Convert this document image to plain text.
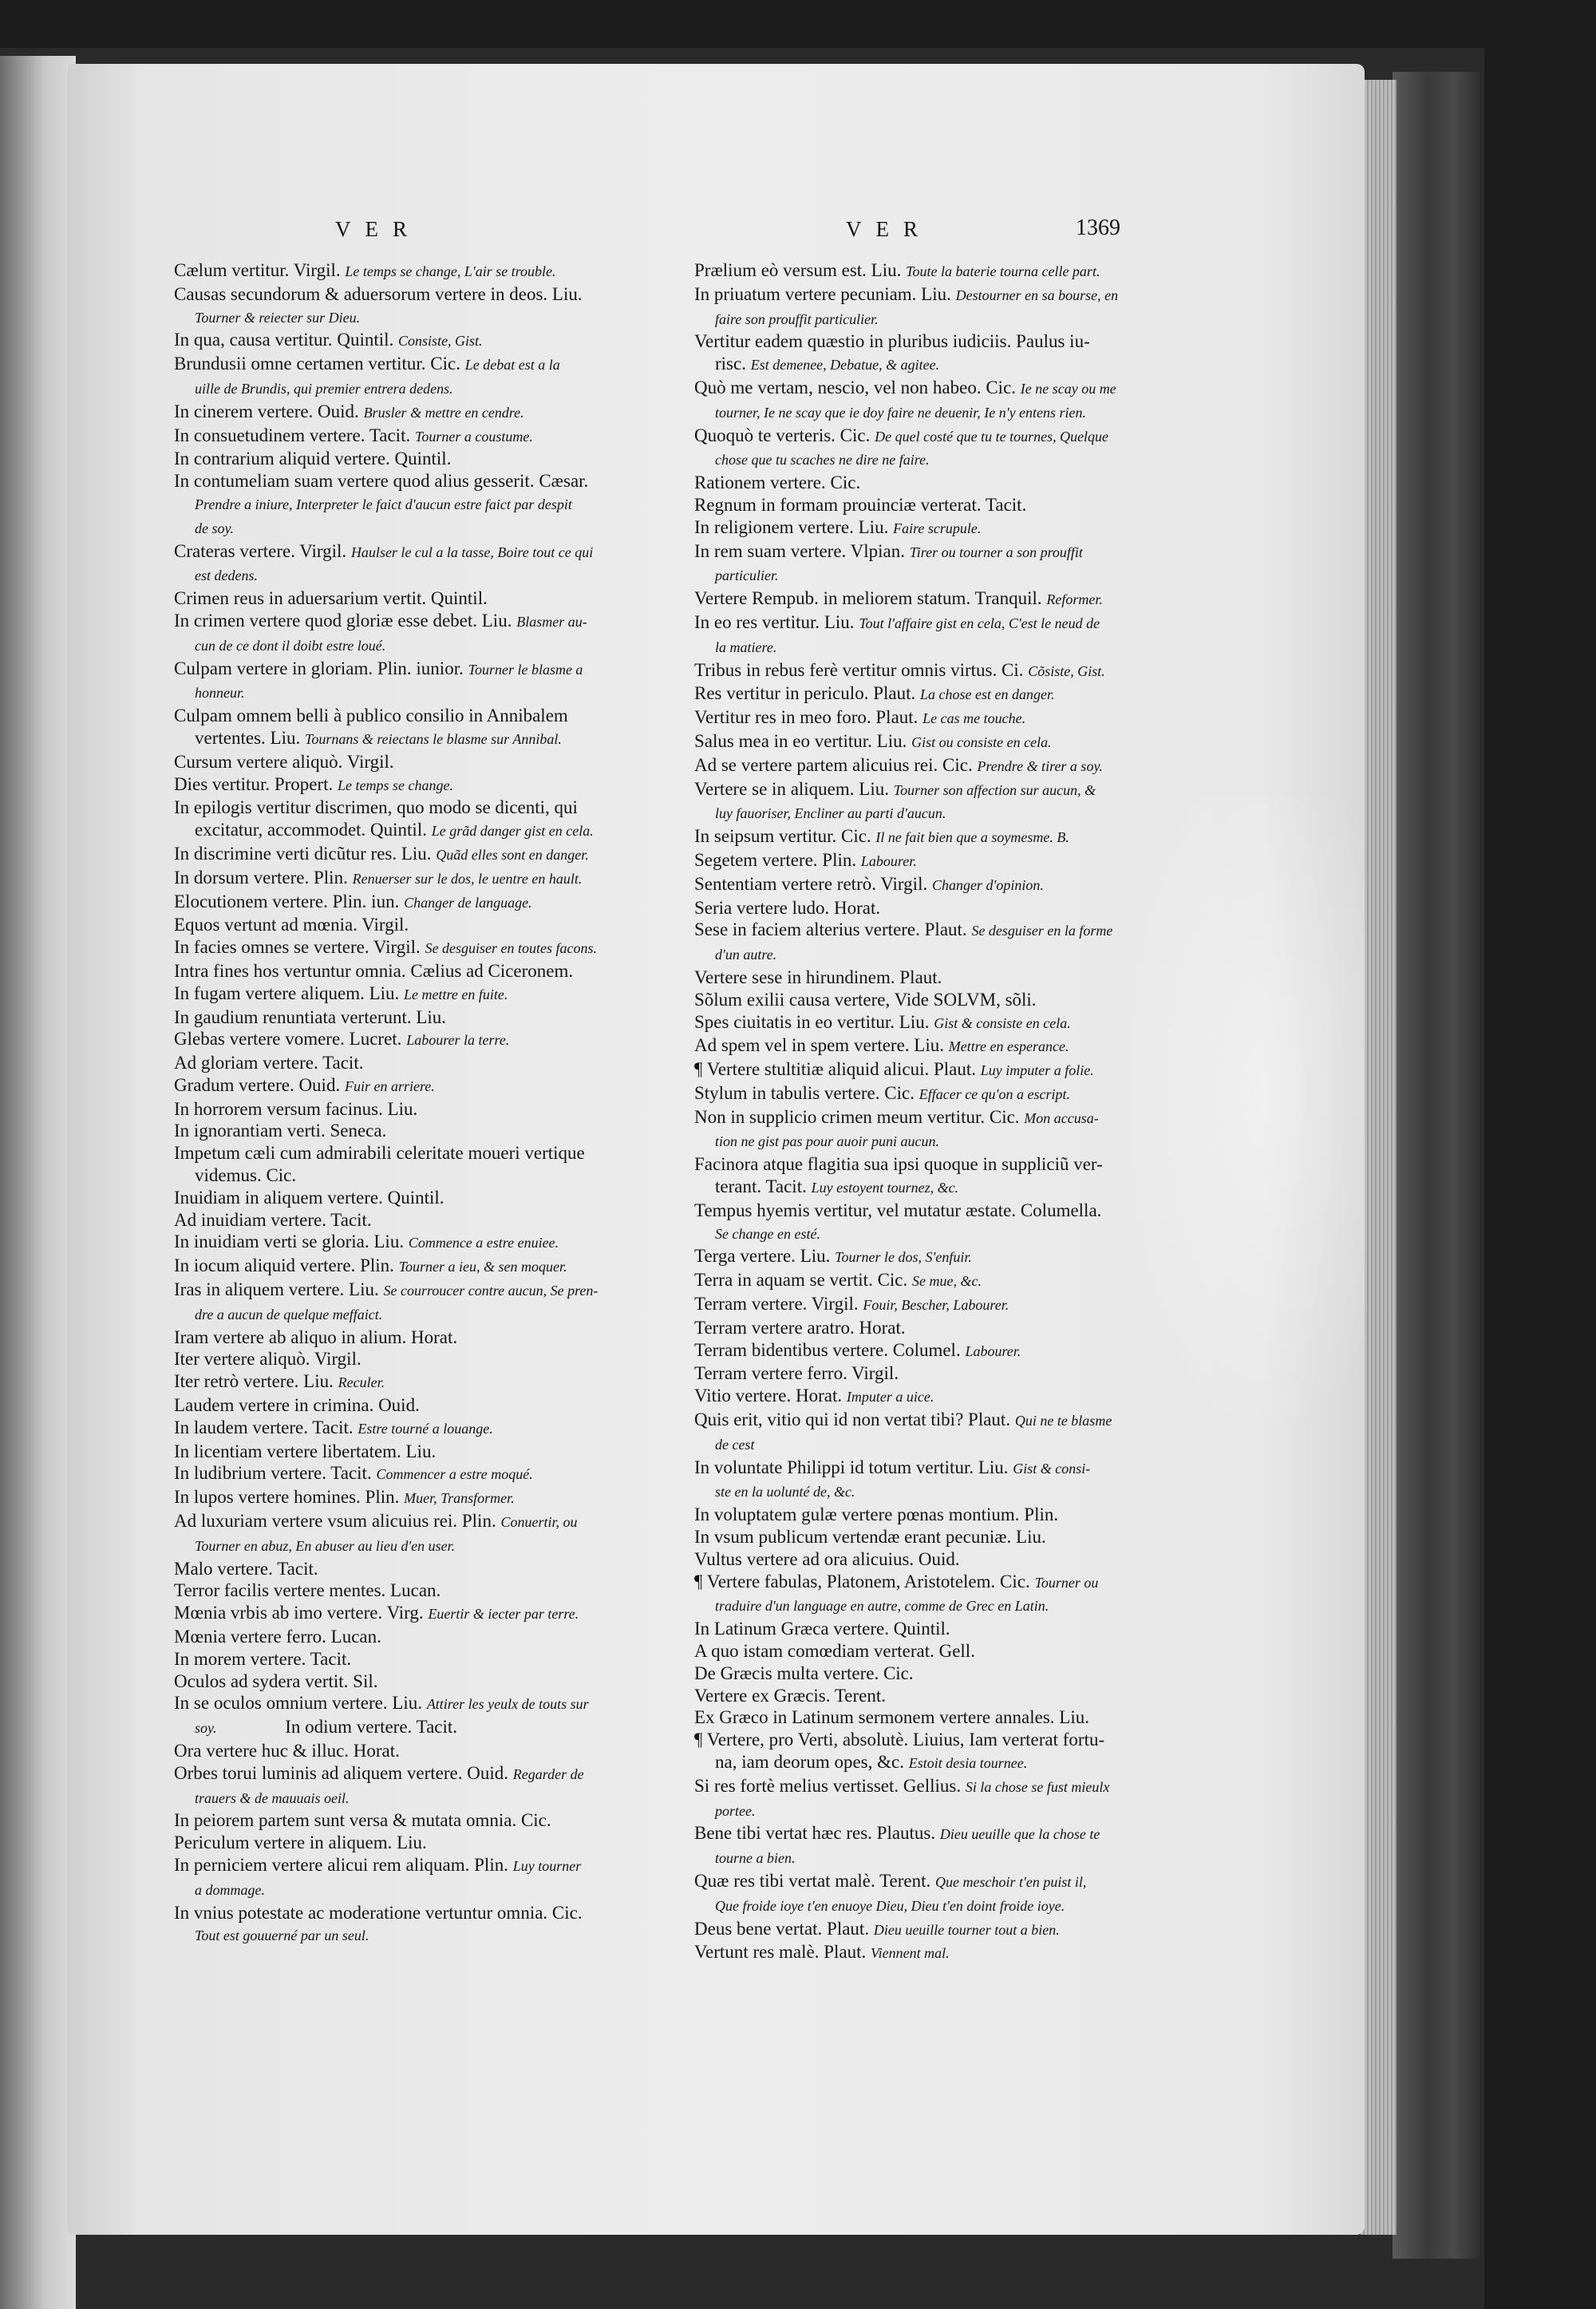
VER	VER	1369

Cælum vertitur. Virgil. Le temps se change, L'air se trouble.

Causas secundorum & aduersorum vertere in deos. Liu.

Tourner & reiecter sur Dieu.

In qua, causa vertitur. Quintil. Consiste, Gist.

Brundusii omne certamen vertitur. Cic. Le debat est a la

uille de Brundis, qui premier entrera dedens.

In cinerem vertere. Ouid. Brusler & mettre en cendre.

In consuetudinem vertere. Tacit. Tourner a coustume.

In contrarium aliquid vertere. Quintil.

In contumeliam suam vertere quod alius gesserit. Cæsar.

Prendre a iniure, Interpreter le faict d'aucun estre faict par despit

de soy.

Crateras vertere. Virgil. Haulser le cul a la tasse, Boire tout ce qui

est dedens.

Crimen reus in aduersarium vertit. Quintil.

In crimen vertere quod gloriæ esse debet. Liu. Blasmer au-

cun de ce dont il doibt estre loué.

Culpam vertere in gloriam. Plin. iunior. Tourner le blasme a

honneur.

Culpam omnem belli à publico consilio in Annibalem

vertentes. Liu. Tournans & reiectans le blasme sur Annibal.

Cursum vertere aliquò. Virgil.

Dies vertitur. Propert. Le temps se change.

In epilogis vertitur discrimen, quo modo se dicenti, qui

excitatur, accommodet. Quintil. Le grãd danger gist en cela.

In discrimine verti dicũtur res. Liu. Quãd elles sont en danger.

In dorsum vertere. Plin. Renuerser sur le dos, le uentre en hault.

Elocutionem vertere. Plin. iun. Changer de language.

Equos vertunt ad mœnia. Virgil.

In facies omnes se vertere. Virgil. Se desguiser en toutes facons.

Intra fines hos vertuntur omnia. Cælius ad Ciceronem.

In fugam vertere aliquem. Liu. Le mettre en fuite.

In gaudium renuntiata verterunt. Liu.

Glebas vertere vomere. Lucret. Labourer la terre.

Ad gloriam vertere. Tacit.

Gradum vertere. Ouid. Fuir en arriere.

In horrorem versum facinus. Liu.

In ignorantiam verti. Seneca.

Impetum cæli cum admirabili celeritate moueri vertique

videmus. Cic.

Inuidiam in aliquem vertere. Quintil.

Ad inuidiam vertere. Tacit.

In inuidiam verti se gloria. Liu. Commence a estre enuiee.

In iocum aliquid vertere. Plin. Tourner a ieu, & sen moquer.

Iras in aliquem vertere. Liu. Se courroucer contre aucun, Se pren-

dre a aucun de quelque meffaict.

Iram vertere ab aliquo in alium. Horat.

Iter vertere aliquò. Virgil.

Iter retrò vertere. Liu. Reculer.

Laudem vertere in crimina. Ouid.

In laudem vertere. Tacit. Estre tourné a louange.

In licentiam vertere libertatem. Liu.

In ludibrium vertere. Tacit. Commencer a estre moqué.

In lupos vertere homines. Plin. Muer, Transformer.

Ad luxuriam vertere vsum alicuius rei. Plin. Conuertir, ou

Tourner en abuz, En abuser au lieu d'en user.

Malo vertere. Tacit.

Terror facilis vertere mentes. Lucan.

Mœnia vrbis ab imo vertere. Virg. Euertir & iecter par terre.

Mœnia vertere ferro. Lucan.

In morem vertere. Tacit.

Oculos ad sydera vertit. Sil.

In se oculos omnium vertere. Liu. Attirer les yeulx de touts sur

soy.	In odium vertere. Tacit.

Ora vertere huc & illuc. Horat.

Orbes torui luminis ad aliquem vertere. Ouid. Regarder de

trauers & de mauuais oeil.

In peiorem partem sunt versa & mutata omnia. Cic.

Periculum vertere in aliquem. Liu.

In perniciem vertere alicui rem aliquam. Plin. Luy tourner

a dommage.

In vnius potestate ac moderatione vertuntur omnia. Cic.

Tout est gouuerné par un seul.

Prælium eò versum est. Liu. Toute la baterie tourna celle part.

In priuatum vertere pecuniam. Liu. Destourner en sa bourse, en

faire son prouffit particulier.

Vertitur eadem quæstio in pluribus iudiciis. Paulus iu-

risc. Est demenee, Debatue, & agitee.

Quò me vertam, nescio, vel non habeo. Cic. Ie ne scay ou me

tourner, Ie ne scay que ie doy faire ne deuenir, Ie n'y entens rien.

Quoquò te verteris. Cic. De quel costé que tu te tournes, Quelque

chose que tu scaches ne dire ne faire.

Rationem vertere. Cic.

Regnum in formam prouinciæ verterat. Tacit.

In religionem vertere. Liu. Faire scrupule.

In rem suam vertere. Vlpian. Tirer ou tourner a son prouffit

particulier.

Vertere Rempub. in meliorem statum. Tranquil. Reformer.

In eo res vertitur. Liu. Tout l'affaire gist en cela, C'est le neud de

la matiere.

Tribus in rebus ferè vertitur omnis virtus. Ci. Cõsiste, Gist.

Res vertitur in periculo. Plaut. La chose est en danger.

Vertitur res in meo foro. Plaut. Le cas me touche.

Salus mea in eo vertitur. Liu. Gist ou consiste en cela.

Ad se vertere partem alicuius rei. Cic. Prendre & tirer a soy.

Vertere se in aliquem. Liu. Tourner son affection sur aucun, &

luy fauoriser, Encliner au parti d'aucun.

In seipsum vertitur. Cic. Il ne fait bien que a soymesme. B.

Segetem vertere. Plin. Labourer.

Sententiam vertere retrò. Virgil. Changer d'opinion.

Seria vertere ludo. Horat.

Sese in faciem alterius vertere. Plaut. Se desguiser en la forme

d'un autre.

Vertere sese in hirundinem. Plaut.

Sõlum exilii causa vertere, Vide SOLVM, sõli.

Spes ciuitatis in eo vertitur. Liu. Gist & consiste en cela.

Ad spem vel in spem vertere. Liu. Mettre en esperance.

¶ Vertere stultitiæ aliquid alicui. Plaut. Luy imputer a folie.

Stylum in tabulis vertere. Cic. Effacer ce qu'on a escript.

Non in supplicio crimen meum vertitur. Cic. Mon accusa-

tion ne gist pas pour auoir puni aucun.

Facinora atque flagitia sua ipsi quoque in suppliciũ ver-

terant. Tacit. Luy estoyent tournez, &c.

Tempus hyemis vertitur, vel mutatur æstate. Columella.

Se change en esté.

Terga vertere. Liu. Tourner le dos, S'enfuir.

Terra in aquam se vertit. Cic. Se mue, &c.

Terram vertere. Virgil. Fouir, Bescher, Labourer.

Terram vertere aratro. Horat.

Terram bidentibus vertere. Columel. Labourer.

Terram vertere ferro. Virgil.

Vitio vertere. Horat. Imputer a uice.

Quis erit, vitio qui id non vertat tibi? Plaut. Qui ne te blasme

de cest

In voluntate Philippi id totum vertitur. Liu. Gist & consi-

ste en la uolunté de, &c.

In voluptatem gulæ vertere pœnas montium. Plin.

In vsum publicum vertendæ erant pecuniæ. Liu.

Vultus vertere ad ora alicuius. Ouid.

¶ Vertere fabulas, Platonem, Aristotelem. Cic. Tourner ou

traduire d'un language en autre, comme de Grec en Latin.

In Latinum Græca vertere. Quintil.

A quo istam comœdiam verterat. Gell.

De Græcis multa vertere. Cic.

Vertere ex Græcis. Terent.

Ex Græco in Latinum sermonem vertere annales. Liu.

¶ Vertere, pro Verti, absolutè. Liuius, Iam verterat fortu-

na, iam deorum opes, &c. Estoit desia tournee.

Si res fortè melius vertisset. Gellius. Si la chose se fust mieulx

portee.

Bene tibi vertat hæc res. Plautus. Dieu ueuille que la chose te

tourne a bien.

Quæ res tibi vertat malè. Terent. Que meschoir t'en puist il,

Que froide ioye t'en enuoye Dieu, Dieu t'en doint froide ioye.

Deus bene vertat. Plaut. Dieu ueuille tourner tout a bien.

Vertunt res malè. Plaut. Viennent mal.
